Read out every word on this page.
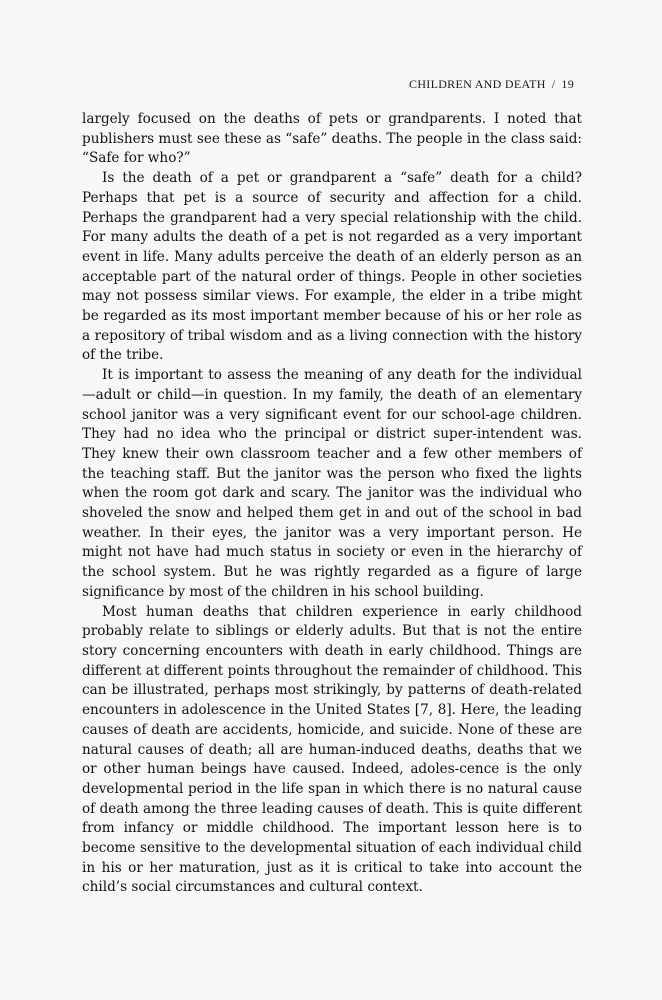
CHILDREN AND DEATH / 19

largely focused on the deaths of pets or grandparents. I noted that publishers must see these as “safe” deaths. The people in the class said: “Safe for who?”

Is the death of a pet or grandparent a “safe” death for a child? Perhaps that pet is a source of security and affection for a child. Perhaps the grandparent had a very special relationship with the child. For many adults the death of a pet is not regarded as a very important event in life. Many adults perceive the death of an elderly person as an acceptable part of the natural order of things. People in other societies may not possess similar views. For example, the elder in a tribe might be regarded as its most important member because of his or her role as a repository of tribal wisdom and as a living connection with the history of the tribe.

It is important to assess the meaning of any death for the individual—adult or child—in question. In my family, the death of an elementary school janitor was a very significant event for our school-age children. They had no idea who the principal or district super-intendent was. They knew their own classroom teacher and a few other members of the teaching staff. But the janitor was the person who fixed the lights when the room got dark and scary. The janitor was the individual who shoveled the snow and helped them get in and out of the school in bad weather. In their eyes, the janitor was a very important person. He might not have had much status in society or even in the hierarchy of the school system. But he was rightly regarded as a figure of large significance by most of the children in his school building.

Most human deaths that children experience in early childhood probably relate to siblings or elderly adults. But that is not the entire story concerning encounters with death in early childhood. Things are different at different points throughout the remainder of childhood. This can be illustrated, perhaps most strikingly, by patterns of death-related encounters in adolescence in the United States [7, 8]. Here, the leading causes of death are accidents, homicide, and suicide. None of these are natural causes of death; all are human-induced deaths, deaths that we or other human beings have caused. Indeed, adoles-cence is the only developmental period in the life span in which there is no natural cause of death among the three leading causes of death. This is quite different from infancy or middle childhood. The important lesson here is to become sensitive to the developmental situation of each individual child in his or her maturation, just as it is critical to take into account the child’s social circumstances and cultural context.
